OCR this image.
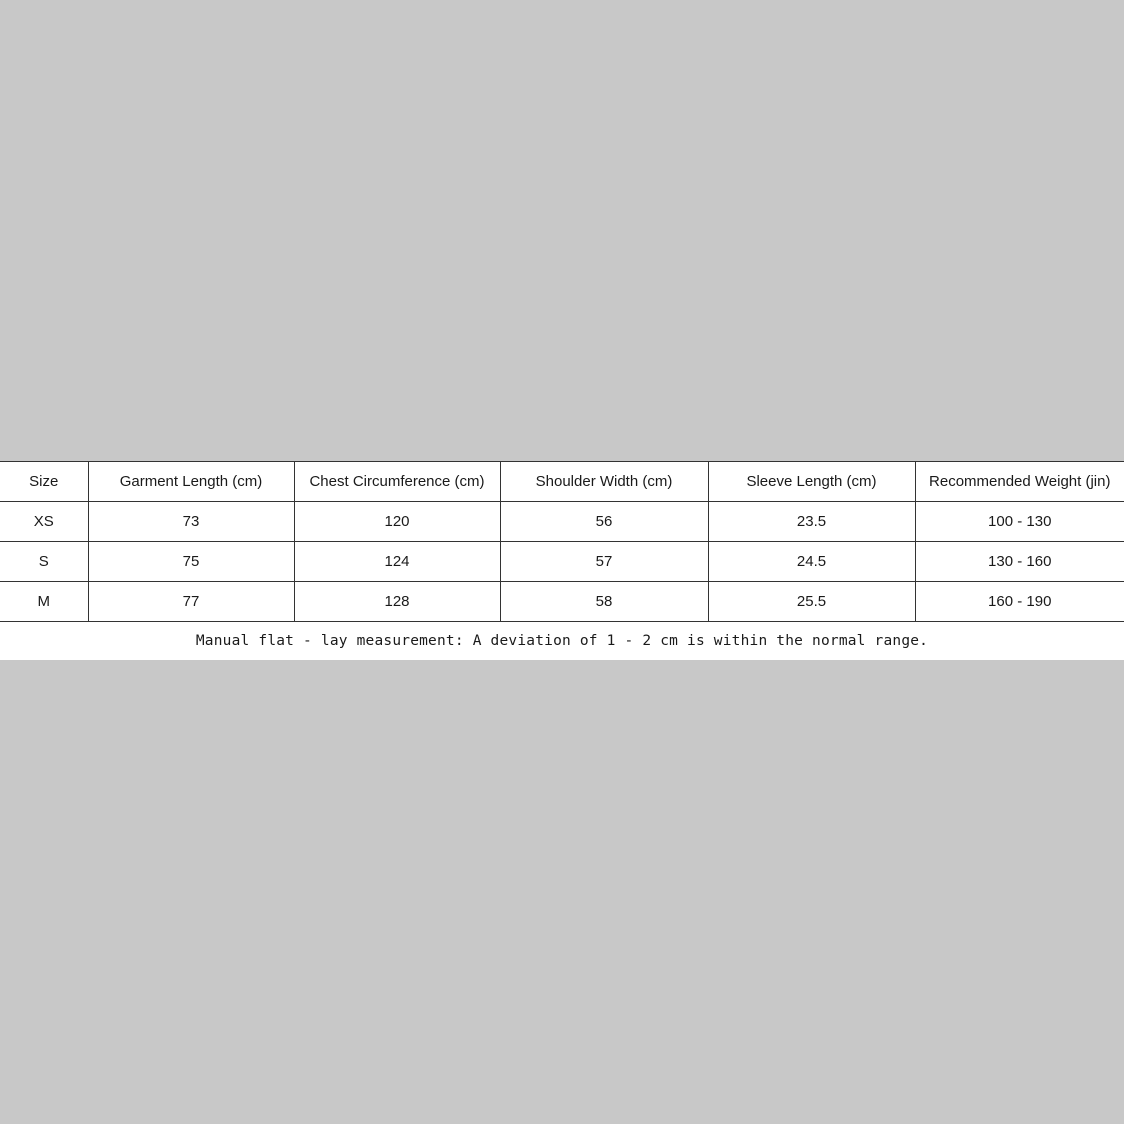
Size	Garment Length (cm)	Chest Circumference (cm)	Shoulder Width (cm)	Sleeve Length (cm)	Recommended Weight (jin)
XS	73	120	56	23.5	100 - 130
S	75	124	57	24.5	130 - 160
M	77	128	58	25.5	160 - 190
Manual flat - lay measurement: A deviation of 1 - 2 cm is within the normal range.					
